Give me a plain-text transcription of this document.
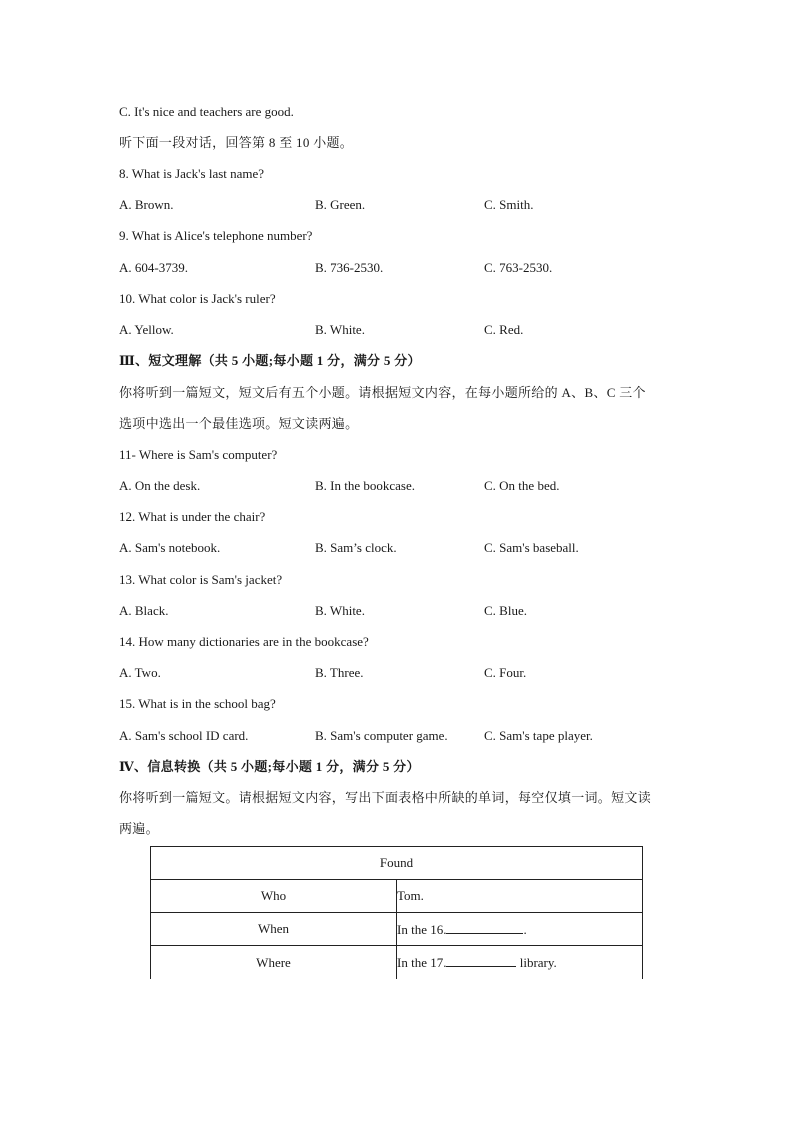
C. It's nice and teachers are good.
听下面一段对话，回答第 8 至 10 小题。
8. What is Jack's last name?
A. Brown.	B. Green.	C. Smith.
9. What is Alice's telephone number?
A. 604-3739.	B. 736-2530.	C. 763-2530.
10. What color is Jack's ruler?
A. Yellow.	B. White.	C. Red.
Ⅲ、短文理解（共 5 小题;每小题 1 分，满分 5 分）
你将听到一篇短文，短文后有五个小题。请根据短文内容，在每小题所给的 A、B、C 三个
选项中选出一个最佳选项。短文读两遍。
11- Where is Sam's computer?
A. On the desk.	B. In the bookcase.	C. On the bed.
12. What is under the chair?
A. Sam's notebook.	B. Sam’s clock.	C. Sam's baseball.
13. What color is Sam's jacket?
A. Black.	B. White.	C. Blue.
14. How many dictionaries are in the bookcase?
A. Two.	B. Three.	C. Four.
15. What is in the school bag?
A. Sam's school ID card.	B. Sam's computer game.	C. Sam's tape player.
Ⅳ、信息转换（共 5 小题;每小题 1 分，满分 5 分）
你将听到一篇短文。请根据短文内容，写出下面表格中所缺的单词，每空仅填一词。短文读
两遍。
Found	
Who	Tom.
When	In the 16. .
Where	In the 17. library.
